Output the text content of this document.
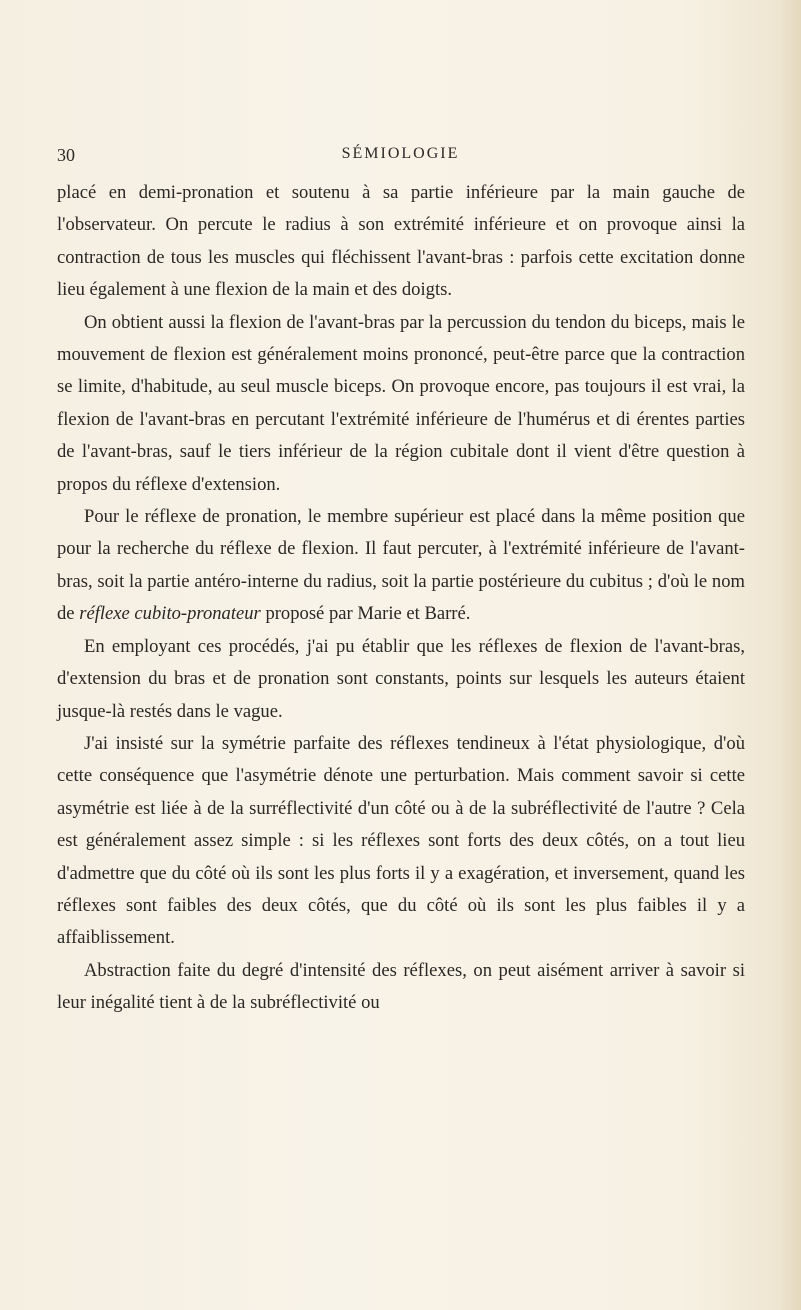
30	SÉMIOLOGIE

placé en demi-pronation et soutenu à sa partie inférieure par la main gauche de l'observateur. On percute le radius à son extrémité inférieure et on provoque ainsi la contraction de tous les muscles qui fléchissent l'avant-bras : parfois cette excitation donne lieu également à une flexion de la main et des doigts.

On obtient aussi la flexion de l'avant-bras par la percussion du tendon du biceps, mais le mouvement de flexion est généralement moins prononcé, peut-être parce que la contraction se limite, d'habitude, au seul muscle biceps. On provoque encore, pas toujours il est vrai, la flexion de l'avant-bras en percutant l'extrémité inférieure de l'humérus et di érentes parties de l'avant-bras, sauf le tiers inférieur de la région cubitale dont il vient d'être question à propos du réflexe d'extension.

Pour le réflexe de pronation, le membre supérieur est placé dans la même position que pour la recherche du réflexe de flexion. Il faut percuter, à l'extrémité inférieure de l'avant-bras, soit la partie antéro-interne du radius, soit la partie postérieure du cubitus ; d'où le nom de réflexe cubito-pronateur proposé par Marie et Barré.

En employant ces procédés, j'ai pu établir que les réflexes de flexion de l'avant-bras, d'extension du bras et de pronation sont constants, points sur lesquels les auteurs étaient jusque-là restés dans le vague.

J'ai insisté sur la symétrie parfaite des réflexes tendineux à l'état physiologique, d'où cette conséquence que l'asymétrie dénote une perturbation. Mais comment savoir si cette asymétrie est liée à de la surréflectivité d'un côté ou à de la subréflectivité de l'autre ? Cela est généralement assez simple : si les réflexes sont forts des deux côtés, on a tout lieu d'admettre que du côté où ils sont les plus forts il y a exagération, et inversement, quand les réflexes sont faibles des deux côtés, que du côté où ils sont les plus faibles il y a affaiblissement.

Abstraction faite du degré d'intensité des réflexes, on peut aisément arriver à savoir si leur inégalité tient à de la subréflectivité ou
